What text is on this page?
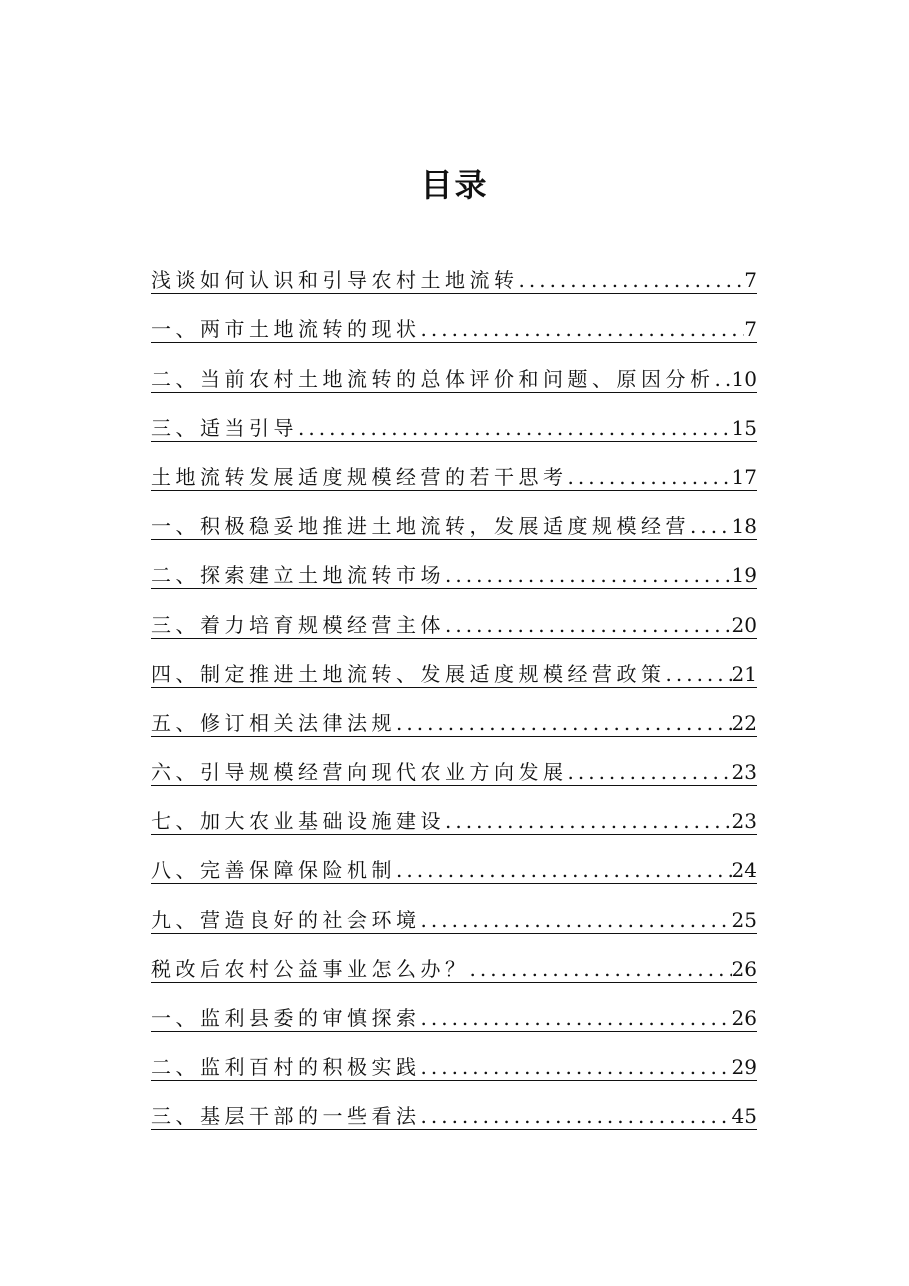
目录
浅谈如何认识和引导农村土地流转 .....	7
一、两市土地流转的现状 .....	7
二、当前农村土地流转的总体评价和问题、原因分析 ..... 10
三、适当引导 .....	15
土地流转发展适度规模经营的若干思考 .....	17
一、积极稳妥地推进土地流转，发展适度规模经营 ..... 18
二、探索建立土地流转市场 .....	19
三、着力培育规模经营主体 .....	20
四、制定推进土地流转、发展适度规模经营政策 .....	21
五、修订相关法律法规 .....	22
六、引导规模经营向现代农业方向发展 .....	23
七、加大农业基础设施建设 .....	23
八、完善保障保险机制 .....	24
九、营造良好的社会环境 .....	25
税改后农村公益事业怎么办？ .....	26
一、监利县委的审慎探索 .....	26
二、监利百村的积极实践 .....	29
三、基层干部的一些看法 .....	45
